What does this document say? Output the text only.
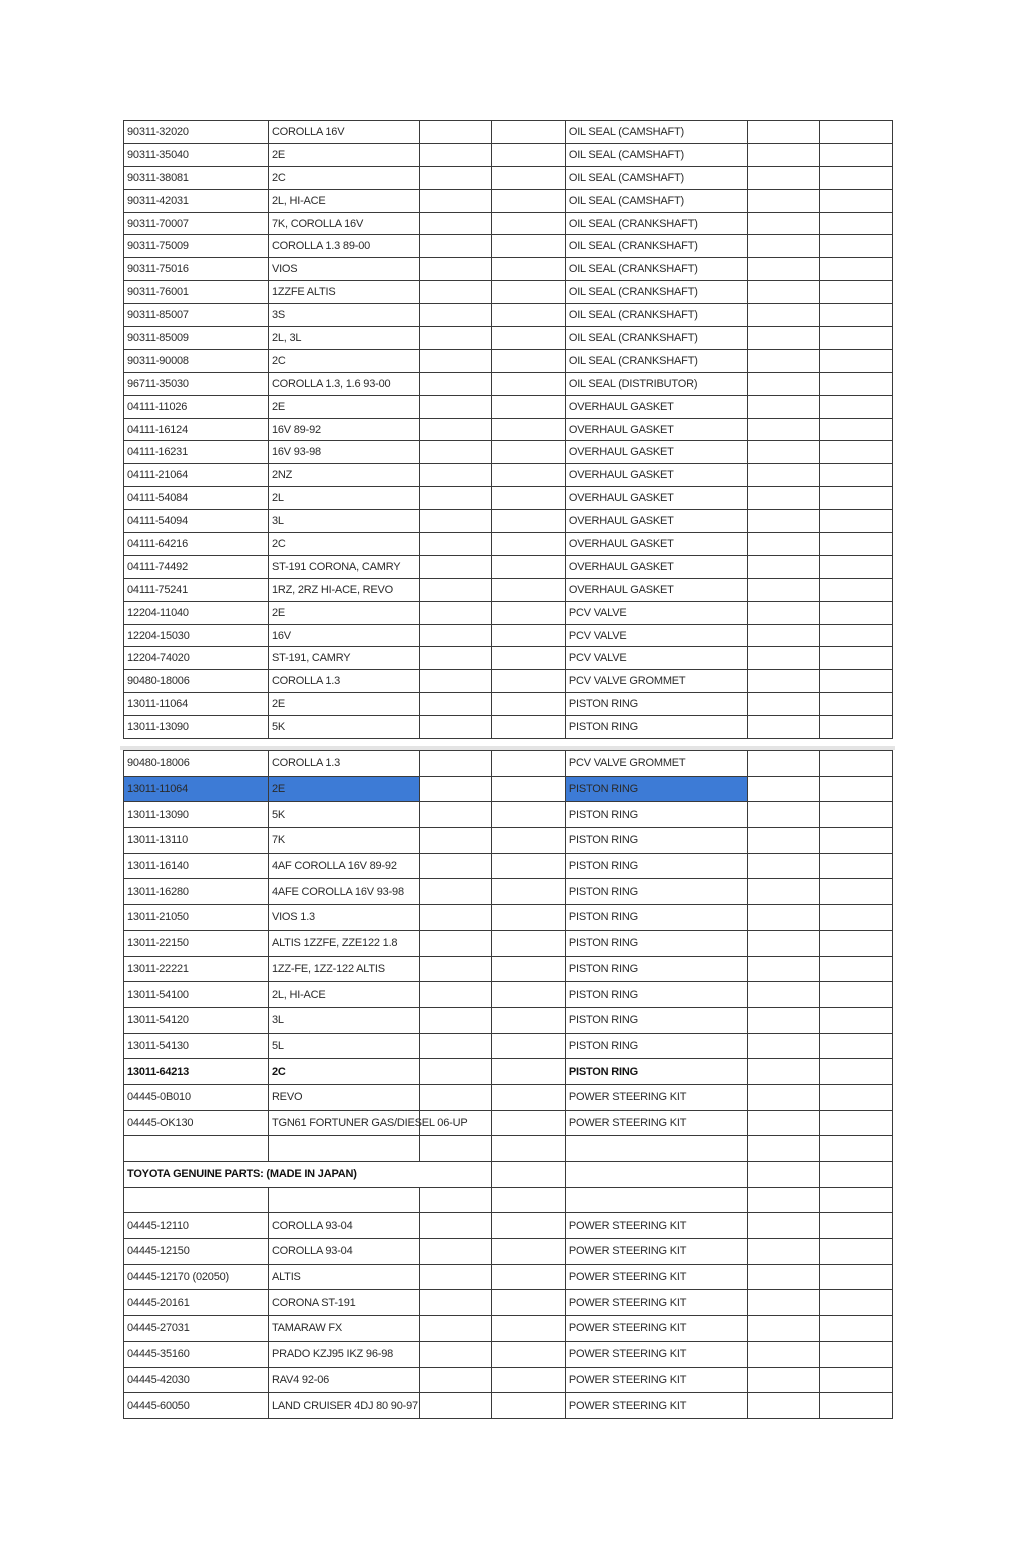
90311-32020	COROLLA 16V			OIL SEAL (CAMSHAFT)		
90311-35040	2E			OIL SEAL (CAMSHAFT)		
90311-38081	2C			OIL SEAL (CAMSHAFT)		
90311-42031	2L, HI-ACE			OIL SEAL (CAMSHAFT)		
90311-70007	7K, COROLLA 16V			OIL SEAL (CRANKSHAFT)		
90311-75009	COROLLA 1.3 89-00			OIL SEAL (CRANKSHAFT)		
90311-75016	VIOS			OIL SEAL (CRANKSHAFT)		
90311-76001	1ZZFE ALTIS			OIL SEAL (CRANKSHAFT)		
90311-85007	3S			OIL SEAL (CRANKSHAFT)		
90311-85009	2L, 3L			OIL SEAL (CRANKSHAFT)		
90311-90008	2C			OIL SEAL (CRANKSHAFT)		
96711-35030	COROLLA 1.3, 1.6 93-00			OIL SEAL (DISTRIBUTOR)		
04111-11026	2E			OVERHAUL GASKET		
04111-16124	16V 89-92			OVERHAUL GASKET		
04111-16231	16V 93-98			OVERHAUL GASKET		
04111-21064	2NZ			OVERHAUL GASKET		
04111-54084	2L			OVERHAUL GASKET		
04111-54094	3L			OVERHAUL GASKET		
04111-64216	2C			OVERHAUL GASKET		
04111-74492	ST-191 CORONA, CAMRY			OVERHAUL GASKET		
04111-75241	1RZ, 2RZ HI-ACE, REVO			OVERHAUL GASKET		
12204-11040	2E			PCV VALVE		
12204-15030	16V			PCV VALVE		
12204-74020	ST-191, CAMRY			PCV VALVE		
90480-18006	COROLLA 1.3			PCV VALVE GROMMET		
13011-11064	2E			PISTON RING		
13011-13090	5K			PISTON RING		
90480-18006	COROLLA 1.3			PCV VALVE GROMMET		
13011-11064	2E			PISTON RING		
13011-13090	5K			PISTON RING		
13011-13110	7K			PISTON RING		
13011-16140	4AF COROLLA 16V 89-92			PISTON RING		
13011-16280	4AFE COROLLA 16V 93-98			PISTON RING		
13011-21050	VIOS 1.3			PISTON RING		
13011-22150	ALTIS 1ZZFE, ZZE122 1.8			PISTON RING		
13011-22221	1ZZ-FE, 1ZZ-122 ALTIS			PISTON RING		
13011-54100	2L, HI-ACE			PISTON RING		
13011-54120	3L			PISTON RING		
13011-54130	5L			PISTON RING		
13011-64213	2C			PISTON RING		
04445-0B010	REVO			POWER STEERING KIT		
04445-OK130	TGN61 FORTUNER GAS/DIESEL 06-UP			POWER STEERING KIT		

TOYOTA GENUINE PARTS: (MADE IN JAPAN)						

04445-12110	COROLLA 93-04			POWER STEERING KIT		
04445-12150	COROLLA 93-04			POWER STEERING KIT		
04445-12170 (02050)	ALTIS			POWER STEERING KIT		
04445-20161	CORONA ST-191			POWER STEERING KIT		
04445-27031	TAMARAW FX			POWER STEERING KIT		
04445-35160	PRADO KZJ95 IKZ 96-98			POWER STEERING KIT		
04445-42030	RAV4 92-06			POWER STEERING KIT		
04445-60050	LAND CRUISER 4DJ 80 90-97			POWER STEERING KIT		
